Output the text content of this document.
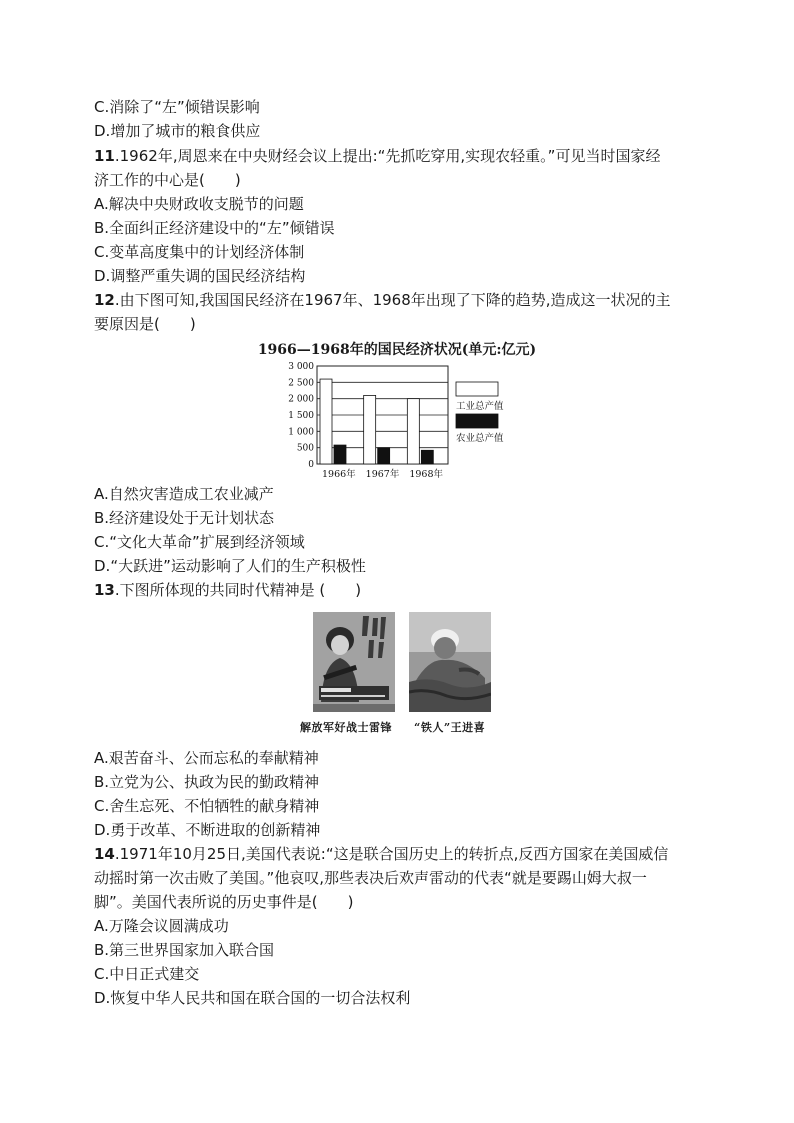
C.消除了“左”倾错误影响
D.增加了城市的粮食供应
11.1962年,周恩来在中央财经会议上提出:“先抓吃穿用,实现农轻重。”可见当时国家经
济工作的中心是(　　)
A.解决中央财政收支脱节的问题
B.全面纠正经济建设中的“左”倾错误
C.变革高度集中的计划经济体制
D.调整严重失调的国民经济结构
12.由下图可知,我国国民经济在1967年、1968年出现了下降的趋势,造成这一状况的主
要原因是(　　)
1966—1968年的国民经济状况(单元:亿元)
0
500
1 000
1 500
2 000
2 500
3 000
1966年 1967年 1968年
工业总产值
农业总产值
A.自然灾害造成工农业减产
B.经济建设处于无计划状态
C.“文化大革命”扩展到经济领域
D.“大跃进”运动影响了人们的生产积极性
13.下图所体现的共同时代精神是 (　　)
解放军好战士雷锋 “铁人”王进喜
A.艰苦奋斗、公而忘私的奉献精神
B.立党为公、执政为民的勤政精神
C.舍生忘死、不怕牺牲的献身精神
D.勇于改革、不断进取的创新精神
14.1971年10月25日,美国代表说:“这是联合国历史上的转折点,反西方国家在美国威信
动摇时第一次击败了美国。”他哀叹,那些表决后欢声雷动的代表“就是要踢山姆大叔一
脚”。美国代表所说的历史事件是(　　)
A.万隆会议圆满成功
B.第三世界国家加入联合国
C.中日正式建交
D.恢复中华人民共和国在联合国的一切合法权利
